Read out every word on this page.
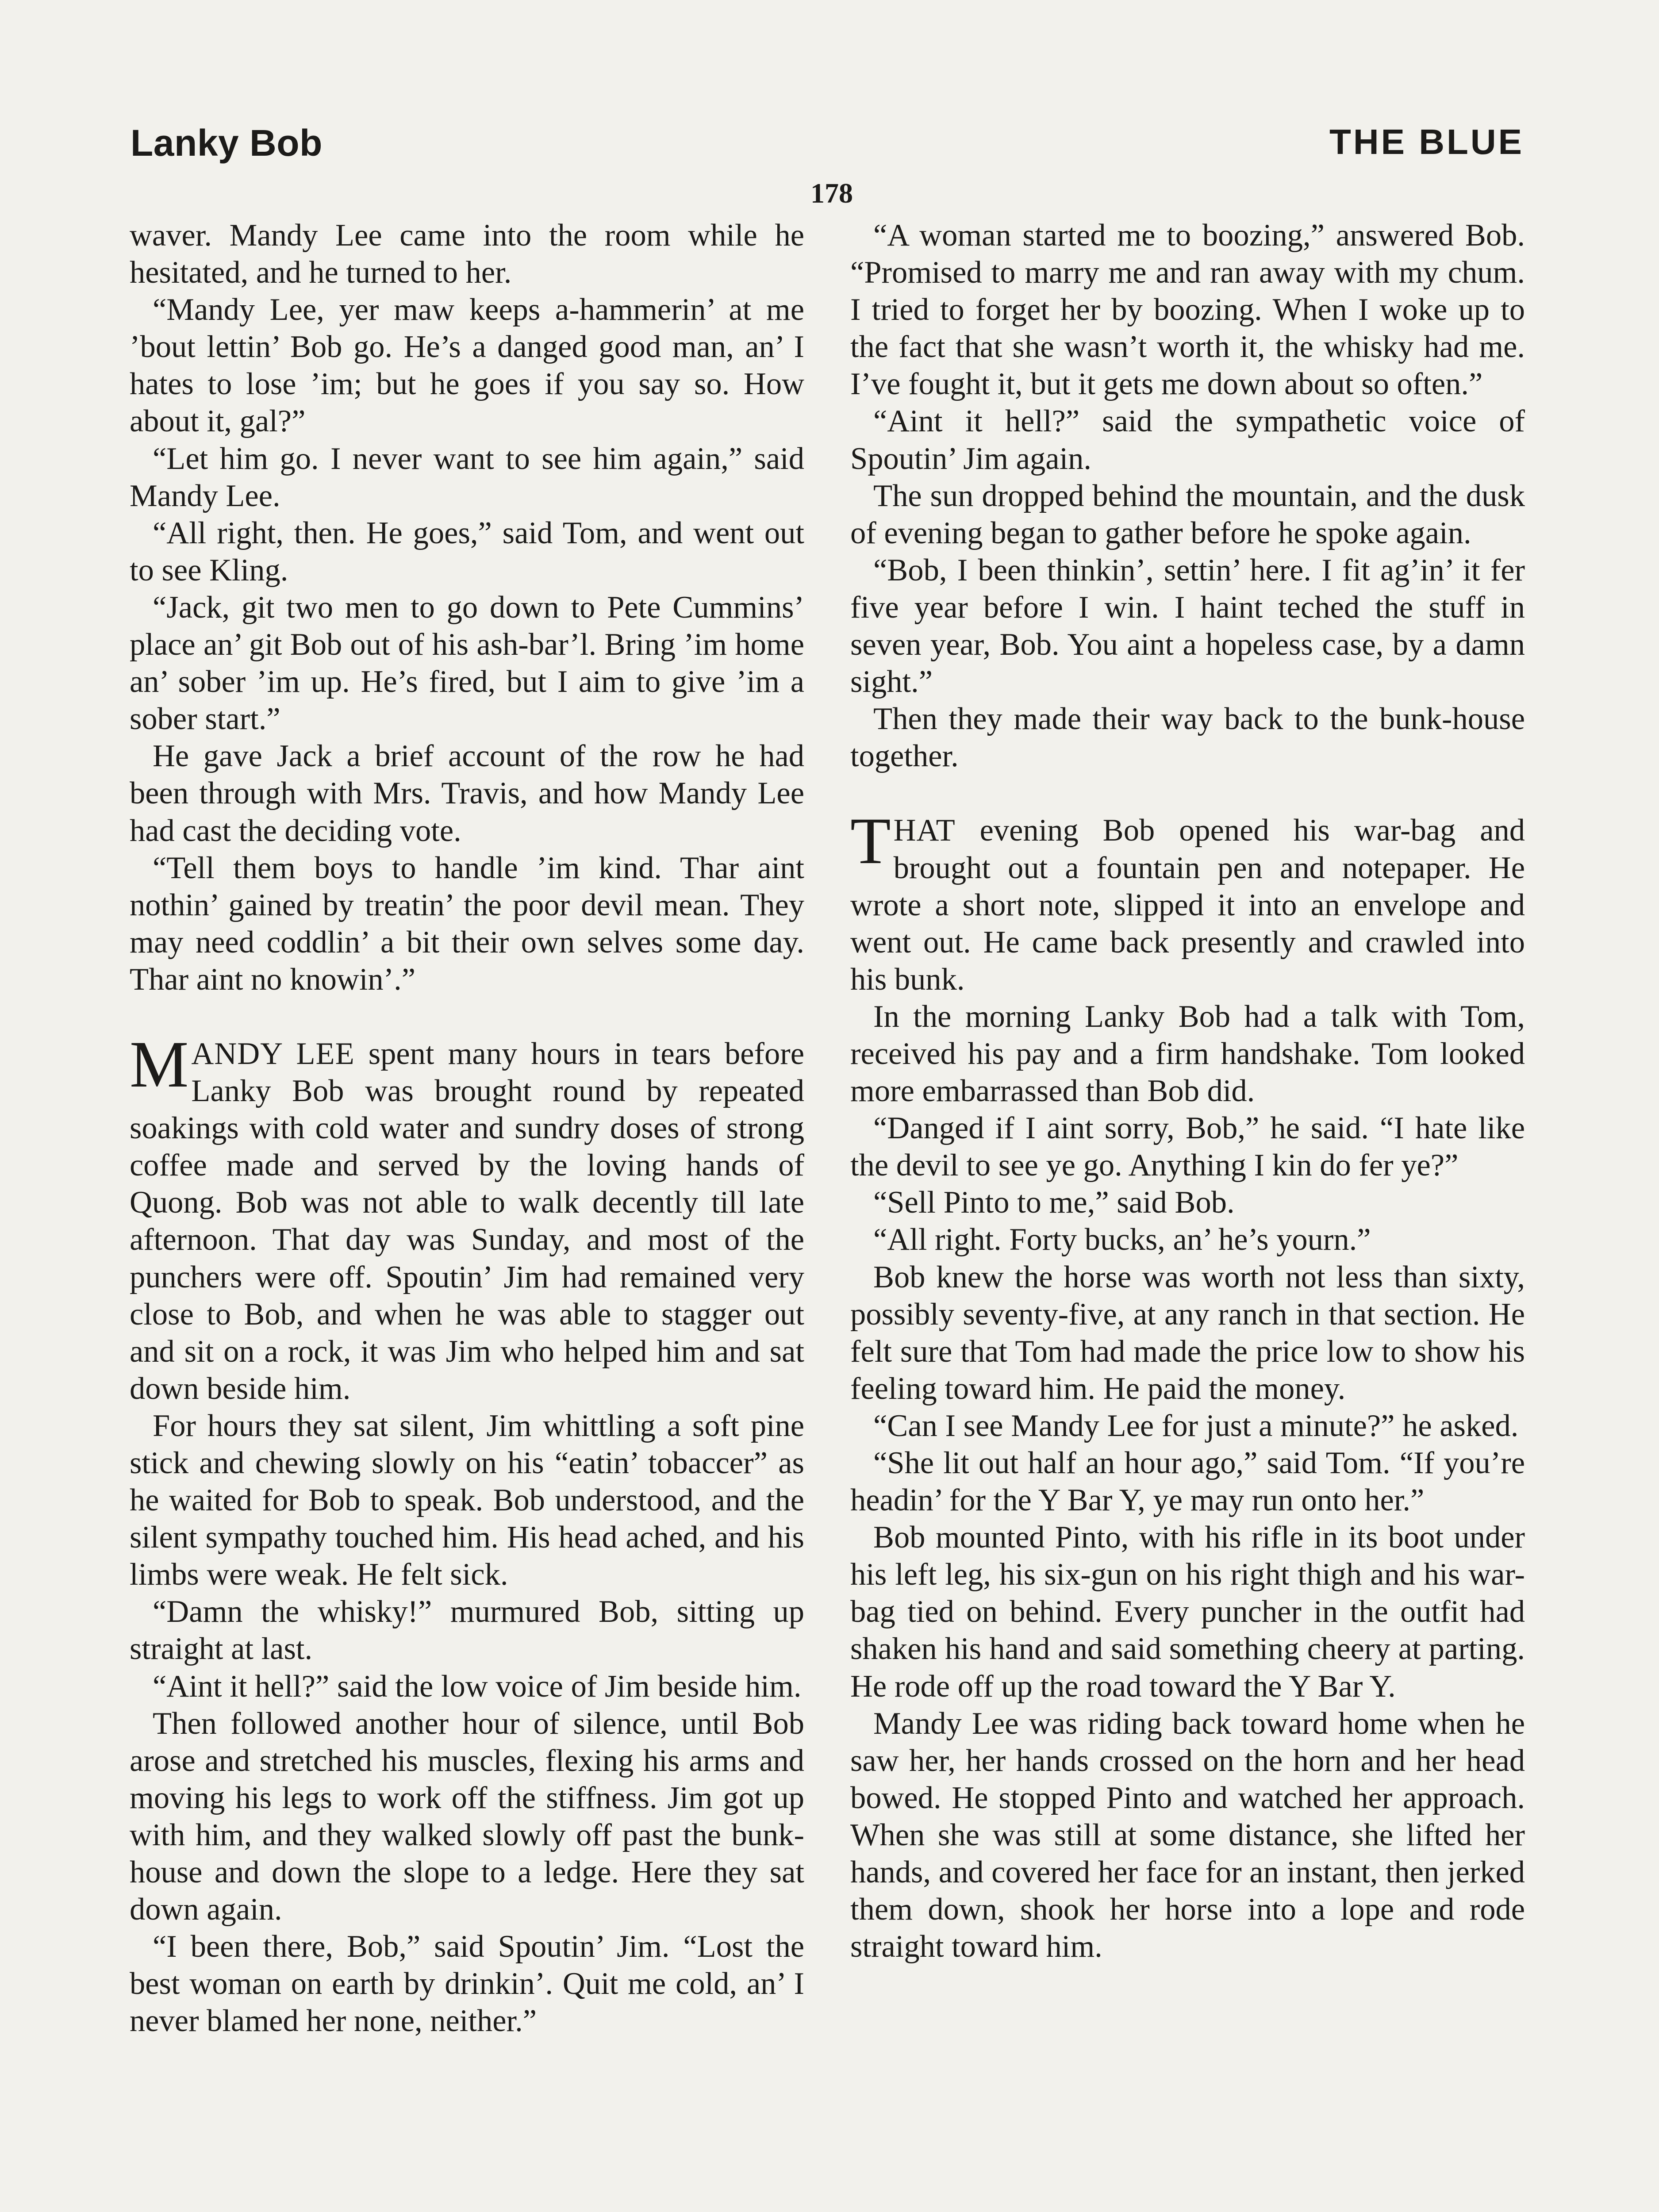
Lanky Bob	THE BLUE
178

waver. Mandy Lee came into the room while he hesitated, and he turned to her.

“Mandy Lee, yer maw keeps a-hammerin’ at me ’bout lettin’ Bob go. He’s a danged good man, an’ I hates to lose ’im; but he goes if you say so. How about it, gal?”

“Let him go. I never want to see him again,” said Mandy Lee.

“All right, then. He goes,” said Tom, and went out to see Kling.

“Jack, git two men to go down to Pete Cummins’ place an’ git Bob out of his ash-bar’l. Bring ’im home an’ sober ’im up. He’s fired, but I aim to give ’im a sober start.”

He gave Jack a brief account of the row he had been through with Mrs. Travis, and how Mandy Lee had cast the deciding vote.

“Tell them boys to handle ’im kind. Thar aint nothin’ gained by treatin’ the poor devil mean. They may need coddlin’ a bit their own selves some day. Thar aint no knowin’.”

MANDY LEE spent many hours in tears before Lanky Bob was brought round by repeated soakings with cold water and sundry doses of strong coffee made and served by the loving hands of Quong. Bob was not able to walk decently till late afternoon. That day was Sunday, and most of the punchers were off. Spoutin’ Jim had remained very close to Bob, and when he was able to stagger out and sit on a rock, it was Jim who helped him and sat down beside him.

For hours they sat silent, Jim whittling a soft pine stick and chewing slowly on his “eatin’ tobaccer” as he waited for Bob to speak. Bob understood, and the silent sympathy touched him. His head ached, and his limbs were weak. He felt sick.

“Damn the whisky!” murmured Bob, sitting up straight at last.

“Aint it hell?” said the low voice of Jim beside him.

Then followed another hour of silence, until Bob arose and stretched his muscles, flexing his arms and moving his legs to work off the stiffness. Jim got up with him, and they walked slowly off past the bunk-house and down the slope to a ledge. Here they sat down again.

“I been there, Bob,” said Spoutin’ Jim. “Lost the best woman on earth by drinkin’. Quit me cold, an’ I never blamed her none, neither.”

“A woman started me to boozing,” answered Bob. “Promised to marry me and ran away with my chum. I tried to forget her by boozing. When I woke up to the fact that she wasn’t worth it, the whisky had me. I’ve fought it, but it gets me down about so often.”

“Aint it hell?” said the sympathetic voice of Spoutin’ Jim again.

The sun dropped behind the mountain, and the dusk of evening began to gather before he spoke again.

“Bob, I been thinkin’, settin’ here. I fit ag’in’ it fer five year before I win. I haint teched the stuff in seven year, Bob. You aint a hopeless case, by a damn sight.”

Then they made their way back to the bunk-house together.

THAT evening Bob opened his war-bag and brought out a fountain pen and notepaper. He wrote a short note, slipped it into an envelope and went out. He came back presently and crawled into his bunk.

In the morning Lanky Bob had a talk with Tom, received his pay and a firm handshake. Tom looked more embarrassed than Bob did.

“Danged if I aint sorry, Bob,” he said. “I hate like the devil to see ye go. Anything I kin do fer ye?”

“Sell Pinto to me,” said Bob.

“All right. Forty bucks, an’ he’s yourn.”

Bob knew the horse was worth not less than sixty, possibly seventy-five, at any ranch in that section. He felt sure that Tom had made the price low to show his feeling toward him. He paid the money.

“Can I see Mandy Lee for just a minute?” he asked.

“She lit out half an hour ago,” said Tom. “If you’re headin’ for the Y Bar Y, ye may run onto her.”

Bob mounted Pinto, with his rifle in its boot under his left leg, his six-gun on his right thigh and his war-bag tied on behind. Every puncher in the outfit had shaken his hand and said something cheery at parting. He rode off up the road toward the Y Bar Y.

Mandy Lee was riding back toward home when he saw her, her hands crossed on the horn and her head bowed. He stopped Pinto and watched her approach. When she was still at some distance, she lifted her hands, and covered her face for an instant, then jerked them down, shook her horse into a lope and rode straight toward him.
